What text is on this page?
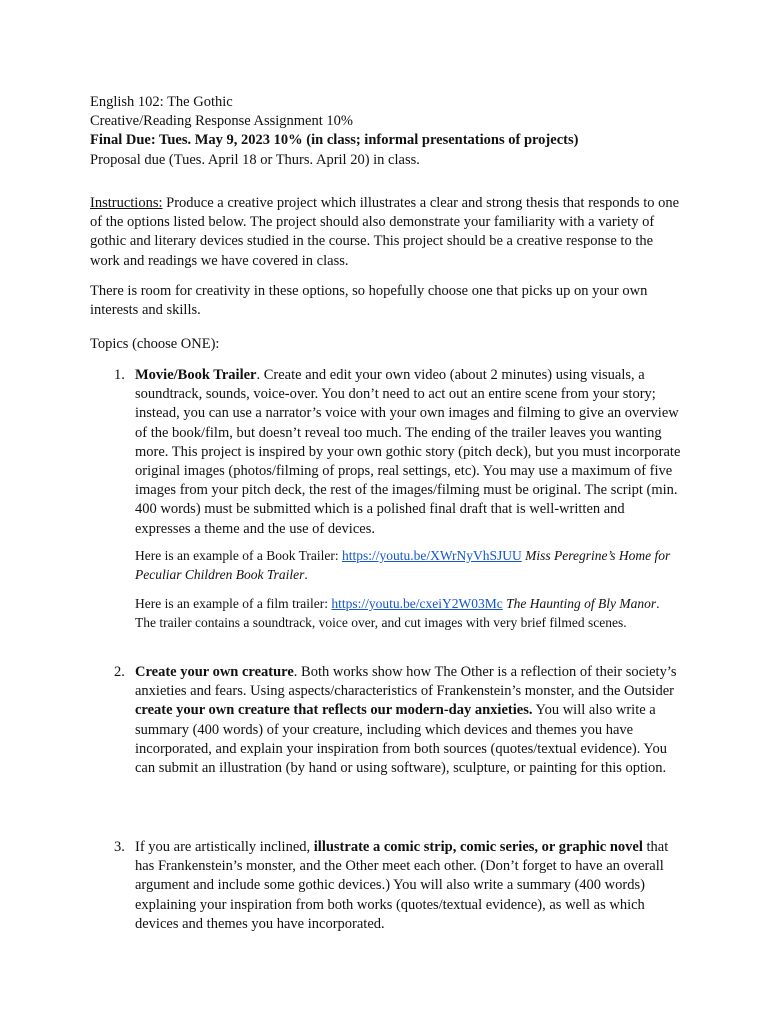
English 102: The Gothic
Creative/Reading Response Assignment 10%
Final Due: Tues. May 9, 2023 10% (in class; informal presentations of projects)
Proposal due (Tues. April 18 or Thurs. April 20) in class.

Instructions: Produce a creative project which illustrates a clear and strong thesis that responds to one of the options listed below. The project should also demonstrate your familiarity with a variety of gothic and literary devices studied in the course. This project should be a creative response to the work and readings we have covered in class.

There is room for creativity in these options, so hopefully choose one that picks up on your own interests and skills.

Topics (choose ONE):

1. Movie/Book Trailer. Create and edit your own video (about 2 minutes) using visuals, a soundtrack, sounds, voice-over. You don’t need to act out an entire scene from your story; instead, you can use a narrator’s voice with your own images and filming to give an overview of the book/film, but doesn’t reveal too much. The ending of the trailer leaves you wanting more. This project is inspired by your own gothic story (pitch deck), but you must incorporate original images (photos/filming of props, real settings, etc). You may use a maximum of five images from your pitch deck, the rest of the images/filming must be original. The script (min. 400 words) must be submitted which is a polished final draft that is well-written and expresses a theme and the use of devices.

Here is an example of a Book Trailer: https://youtu.be/XWrNyVhSJUU Miss Peregrine’s Home for Peculiar Children Book Trailer.

Here is an example of a film trailer: https://youtu.be/cxeiY2W03Mc The Haunting of Bly Manor. The trailer contains a soundtrack, voice over, and cut images with very brief filmed scenes.

2. Create your own creature. Both works show how The Other is a reflection of their society’s anxieties and fears. Using aspects/characteristics of Frankenstein’s monster, and the Outsider create your own creature that reflects our modern-day anxieties. You will also write a summary (400 words) of your creature, including which devices and themes you have incorporated, and explain your inspiration from both sources (quotes/textual evidence). You can submit an illustration (by hand or using software), sculpture, or painting for this option.

3. If you are artistically inclined, illustrate a comic strip, comic series, or graphic novel that has Frankenstein’s monster, and the Other meet each other. (Don’t forget to have an overall argument and include some gothic devices.) You will also write a summary (400 words) explaining your inspiration from both works (quotes/textual evidence), as well as which devices and themes you have incorporated.
